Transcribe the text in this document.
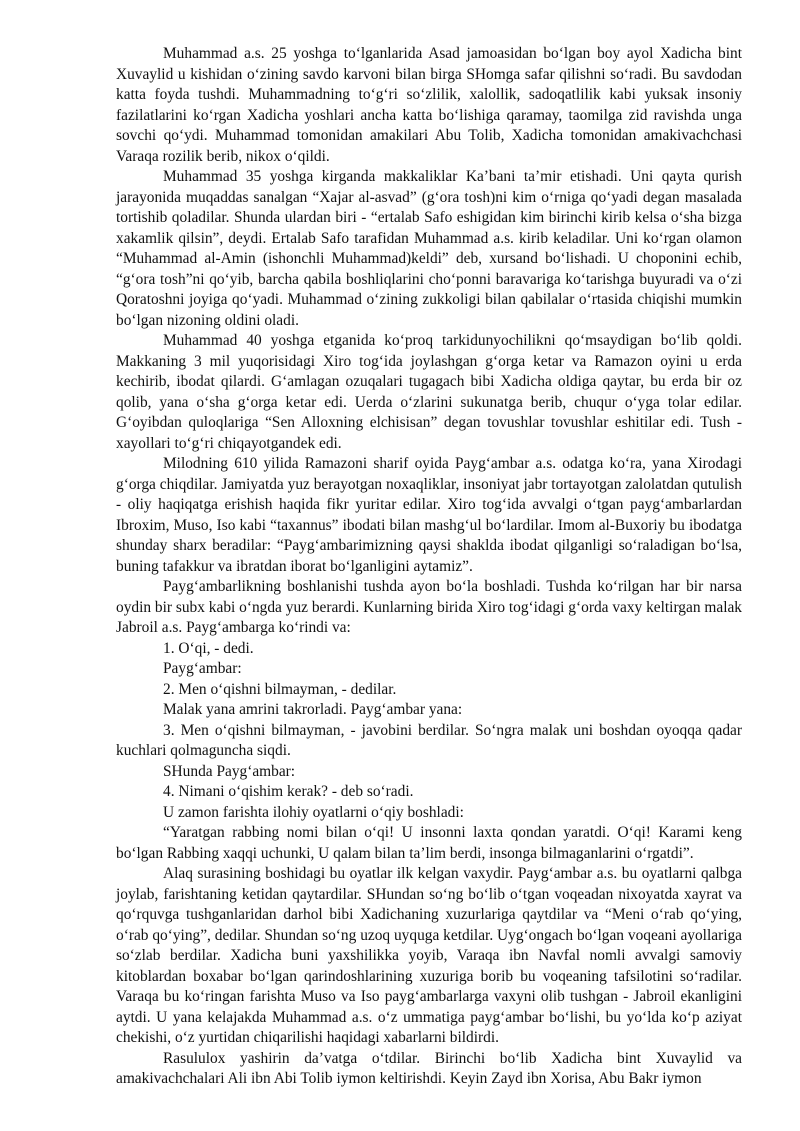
Muhammad a.s. 25 yoshga to‘lganlarida Asad jamoasidan bo‘lgan boy ayol Xadicha bint Xuvaylid u kishidan o‘zining savdo karvoni bilan birga SHomga safar qilishni so‘radi. Bu savdodan katta foyda tushdi. Muhammadning to‘g‘ri so‘zlilik, xalollik, sadoqatlilik kabi yuksak insoniy fazilatlarini ko‘rgan Xadicha yoshlari ancha katta bo‘lishiga qaramay, taomilga zid ravishda unga sovchi qo‘ydi. Muhammad tomonidan amakilari Abu Tolib, Xadicha tomonidan amakivachchasi Varaqa rozilik berib, nikox o‘qildi.

Muhammad 35 yoshga kirganda makkaliklar Ka’bani ta’mir etishadi. Uni qayta qurish jarayonida muqaddas sanalgan “Xajar al-asvad” (g‘ora tosh)ni kim o‘rniga qo‘yadi degan masalada tortishib qoladilar. Shunda ulardan biri - “ertalab Safo eshigidan kim birinchi kirib kelsa o‘sha bizga xakamlik qilsin”, deydi. Ertalab Safo tarafidan Muhammad a.s. kirib keladilar. Uni ko‘rgan olamon “Muhammad al-Amin (ishonchli Muhammad)keldi” deb, xursand bo‘lishadi. U choponini echib, “g‘ora tosh”ni qo‘yib, barcha qabila boshliqlarini cho‘ponni baravariga ko‘tarishga buyuradi va o‘zi Qoratoshni joyiga qo‘yadi. Muhammad o‘zining zukkoligi bilan qabilalar o‘rtasida chiqishi mumkin bo‘lgan nizoning oldini oladi.

Muhammad 40 yoshga etganida ko‘proq tarkidunyochilikni qo‘msaydigan bo‘lib qoldi. Makkaning 3 mil yuqorisidagi Xiro tog‘ida joylashgan g‘orga ketar va Ramazon oyini u erda kechirib, ibodat qilardi. G‘amlagan ozuqalari tugagach bibi Xadicha oldiga qaytar, bu erda bir oz qolib, yana o‘sha g‘orga ketar edi. Uerda o‘zlarini sukunatga berib, chuqur o‘yga tolar edilar. G‘oyibdan quloqlariga “Sen Alloxning elchisisan” degan tovushlar tovushlar eshitilar edi. Tush - xayollari to‘g‘ri chiqayotgandek edi.

Milodning 610 yilida Ramazoni sharif oyida Payg‘ambar a.s. odatga ko‘ra, yana Xirodagi g‘orga chiqdilar. Jamiyatda yuz berayotgan noxaqliklar, insoniyat jabr tortayotgan zalolatdan qutulish - oliy haqiqatga erishish haqida fikr yuritar edilar. Xiro tog‘ida avvalgi o‘tgan payg‘ambarlardan Ibroxim, Muso, Iso kabi “taxannus” ibodati bilan mashg‘ul bo‘lardilar. Imom al-Buxoriy bu ibodatga shunday sharx beradilar: “Payg‘ambarimizning qaysi shaklda ibodat qilganligi so‘raladigan bo‘lsa, buning tafakkur va ibratdan iborat bo‘lganligini aytamiz”.

Payg‘ambarlikning boshlanishi tushda ayon bo‘la boshladi. Tushda ko‘rilgan har bir narsa oydin bir subx kabi o‘ngda yuz berardi. Kunlarning birida Xiro tog‘idagi g‘orda vaxy keltirgan malak Jabroil a.s. Payg‘ambarga ko‘rindi va:

1. O‘qi, - dedi.

Payg‘ambar:

2. Men o‘qishni bilmayman, - dedilar.

Malak yana amrini takrorladi. Payg‘ambar yana:

3. Men o‘qishni bilmayman, - javobini berdilar. So‘ngra malak uni boshdan oyoqqa qadar kuchlari qolmaguncha siqdi.

SHunda Payg‘ambar:

4. Nimani o‘qishim kerak? - deb so‘radi.

U zamon farishta ilohiy oyatlarni o‘qiy boshladi:

“Yaratgan rabbing nomi bilan o‘qi! U insonni laxta qondan yaratdi. O‘qi! Karami keng bo‘lgan Rabbing xaqqi uchunki, U qalam bilan ta’lim berdi, insonga bilmaganlarini o‘rgatdi”.

Alaq surasining boshidagi bu oyatlar ilk kelgan vaxydir. Payg‘ambar a.s. bu oyatlarni qalbga joylab, farishtaning ketidan qaytardilar. SHundan so‘ng bo‘lib o‘tgan voqeadan nixoyatda xayrat va qo‘rquvga tushganlaridan darhol bibi Xadichaning xuzurlariga qaytdilar va “Meni o‘rab qo‘ying, o‘rab qo‘ying”, dedilar. Shundan so‘ng uzoq uyquga ketdilar. Uyg‘ongach bo‘lgan voqeani ayollariga so‘zlab berdilar. Xadicha buni yaxshilikka yoyib, Varaqa ibn Navfal nomli avvalgi samoviy kitoblardan boxabar bo‘lgan qarindoshlarining xuzuriga borib bu voqeaning tafsilotini so‘radilar. Varaqa bu ko‘ringan farishta Muso va Iso payg‘ambarlarga vaxyni olib tushgan - Jabroil ekanligini aytdi. U yana kelajakda Muhammad a.s. o‘z ummatiga payg‘ambar bo‘lishi, bu yo‘lda ko‘p aziyat chekishi, o‘z yurtidan chiqarilishi haqidagi xabarlarni bildirdi.

Rasululox yashirin da’vatga o‘tdilar. Birinchi bo‘lib Xadicha bint Xuvaylid va amakivachchalari Ali ibn Abi Tolib iymon keltirishdi. Keyin Zayd ibn Xorisa, Abu Bakr iymon
